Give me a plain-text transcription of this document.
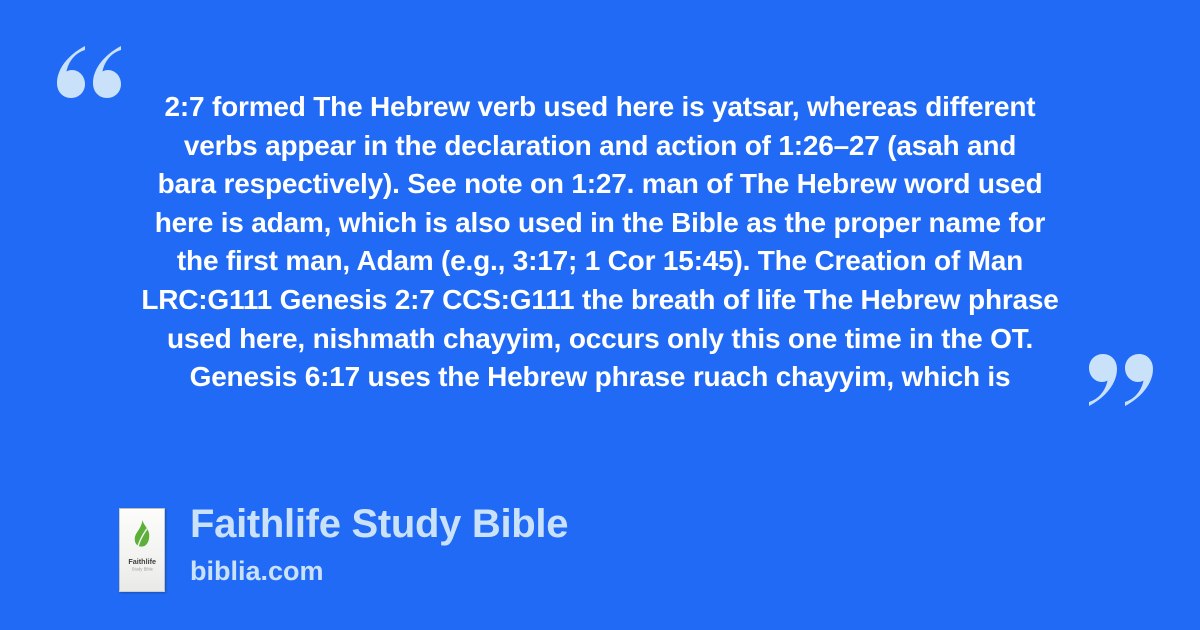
2:7 formed The Hebrew verb used here is yatsar, whereas different
verbs appear in the declaration and action of 1:26–27 (asah and
bara respectively). See note on 1:27. man of The Hebrew word used
here is adam, which is also used in the Bible as the proper name for
the first man, Adam (e.g., 3:17; 1 Cor 15:45). The Creation of Man
LRC:G111 Genesis 2:7 CCS:G111 the breath of life The Hebrew phrase
used here, nishmath chayyim, occurs only this one time in the OT.
Genesis 6:17 uses the Hebrew phrase ruach chayyim, which is
Faithlife
Study Bible
Faithlife Study Bible
biblia.com
